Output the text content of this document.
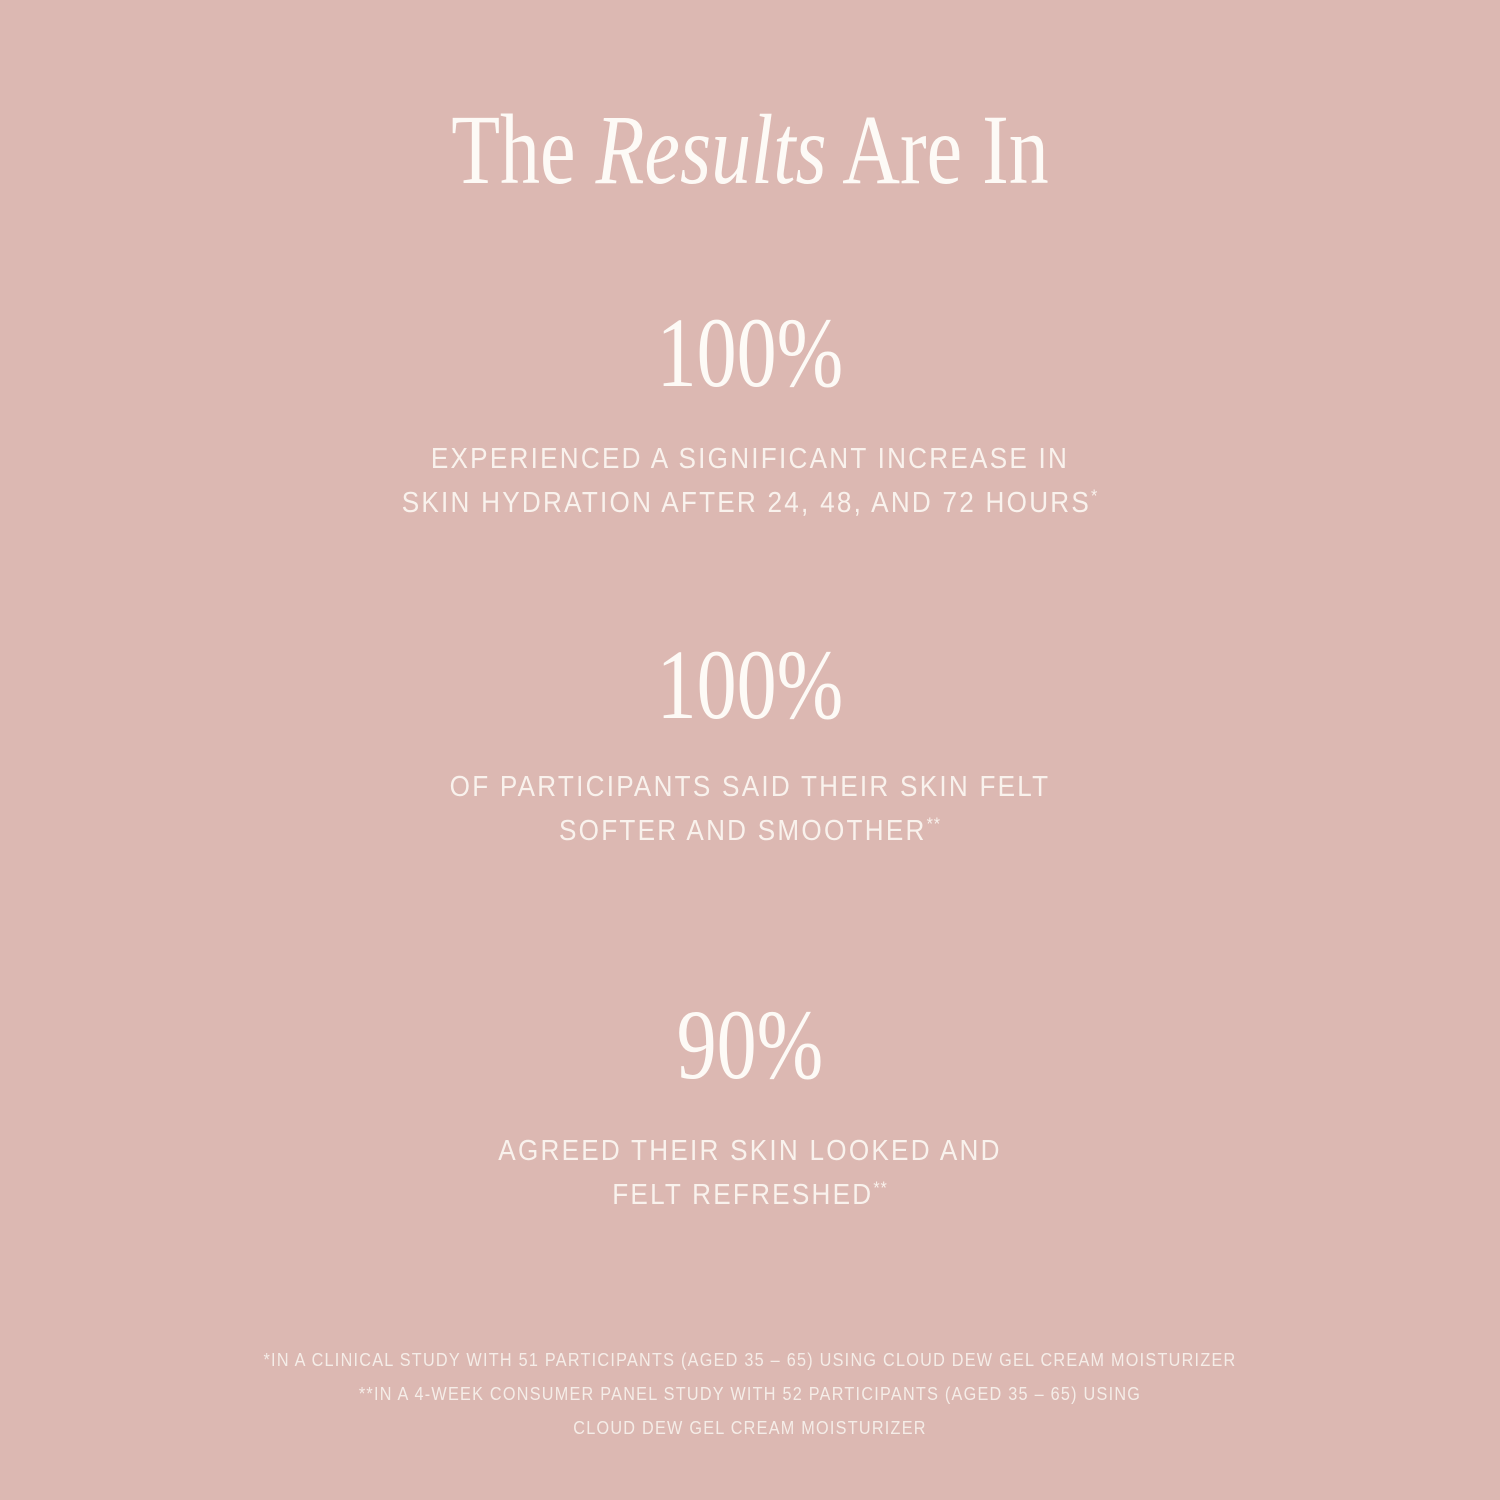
The Results Are In
100%

EXPERIENCED A SIGNIFICANT INCREASE IN
SKIN HYDRATION AFTER 24, 48, AND 72 HOURS*

100%

OF PARTICIPANTS SAID THEIR SKIN FELT
SOFTER AND SMOOTHER**

90%

AGREED THEIR SKIN LOOKED AND
FELT REFRESHED**

*IN A CLINICAL STUDY WITH 51 PARTICIPANTS (AGED 35 – 65) USING CLOUD DEW GEL CREAM MOISTURIZER
**IN A 4-WEEK CONSUMER PANEL STUDY WITH 52 PARTICIPANTS (AGED 35 – 65) USING
CLOUD DEW GEL CREAM MOISTURIZER
